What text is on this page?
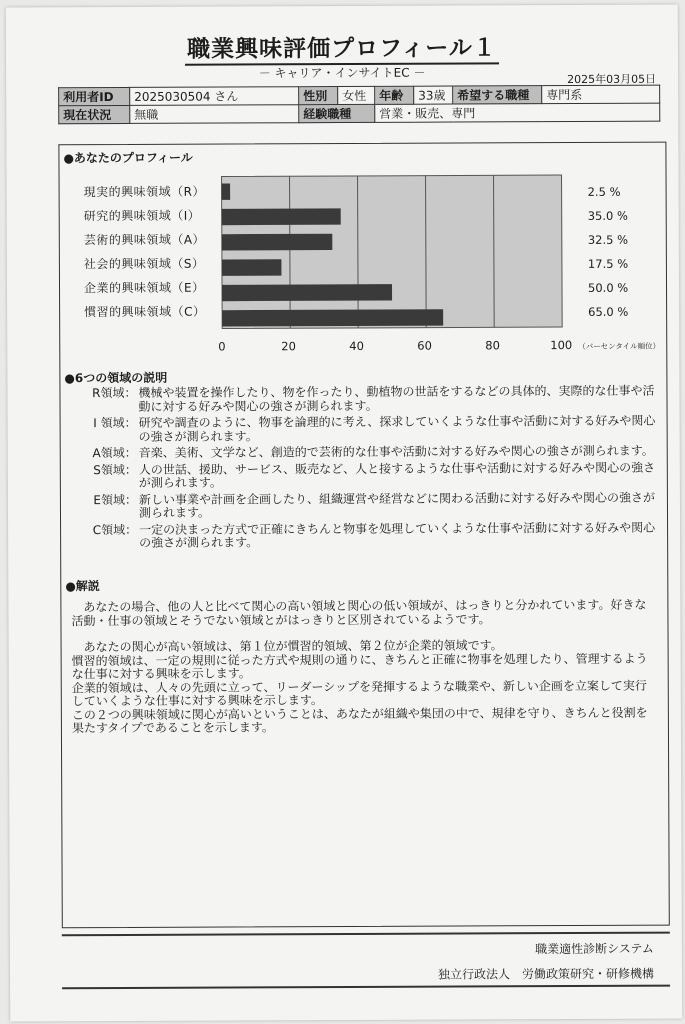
職業興味評価プロフィール１
－ キャリア・インサイトEC －	2025年03月05日
利用者ID	2025030504 さん	性別	女性	年齢	33歳	希望する職種	専門系
現在状況	無職	経験職種		営業・販売、専門			
●あなたのプロフィール
現実的興味領域（R）
研究的興味領域（I）
芸術的興味領域（A）
社会的興味領域（S）
企業的興味領域（E）
慣習的興味領域（C）
2.5 %
35.0 %
32.5 %
17.5 %
50.0 %
65.0 %
0	20	40	60	80	100 （パーセンタイル順位）
●6つの領域の説明
R領域： 機械や装置を操作したり、物を作ったり、動植物の世話をするなどの具体的、実際的な仕事や活動に対する好みや関心の強さが測られます。
I 領域： 研究や調査のように、物事を論理的に考え、探求していくような仕事や活動に対する好みや関心の強さが測られます。
A領域： 音楽、美術、文学など、創造的で芸術的な仕事や活動に対する好みや関心の強さが測られます。
S領域： 人の世話、援助、サービス、販売など、人と接するような仕事や活動に対する好みや関心の強さが測られます。
E領域： 新しい事業や計画を企画したり、組織運営や経営などに関わる活動に対する好みや関心の強さが測られます。
C領域： 一定の決まった方式で正確にきちんと物事を処理していくような仕事や活動に対する好みや関心の強さが測られます。
●解説

　あなたの場合、他の人と比べて関心の高い領域と関心の低い領域が、はっきりと分かれています。好きな活動・仕事の領域とそうでない領域とがはっきりと区別されているようです。

　あなたの関心が高い領域は、第１位が慣習的領域、第２位が企業的領域です。

慣習的領域は、一定の規則に従った方式や規則の通りに、きちんと正確に物事を処理したり、管理するような仕事に対する興味を示します。

企業的領域は、人々の先頭に立って、リーダーシップを発揮するような職業や、新しい企画を立案して実行していくような仕事に対する興味を示します。

この２つの興味領域に関心が高いということは、あなたが組織や集団の中で、規律を守り、きちんと役割を果たすタイプであることを示します。

職業適性診断システム
独立行政法人　労働政策研究・研修機構
